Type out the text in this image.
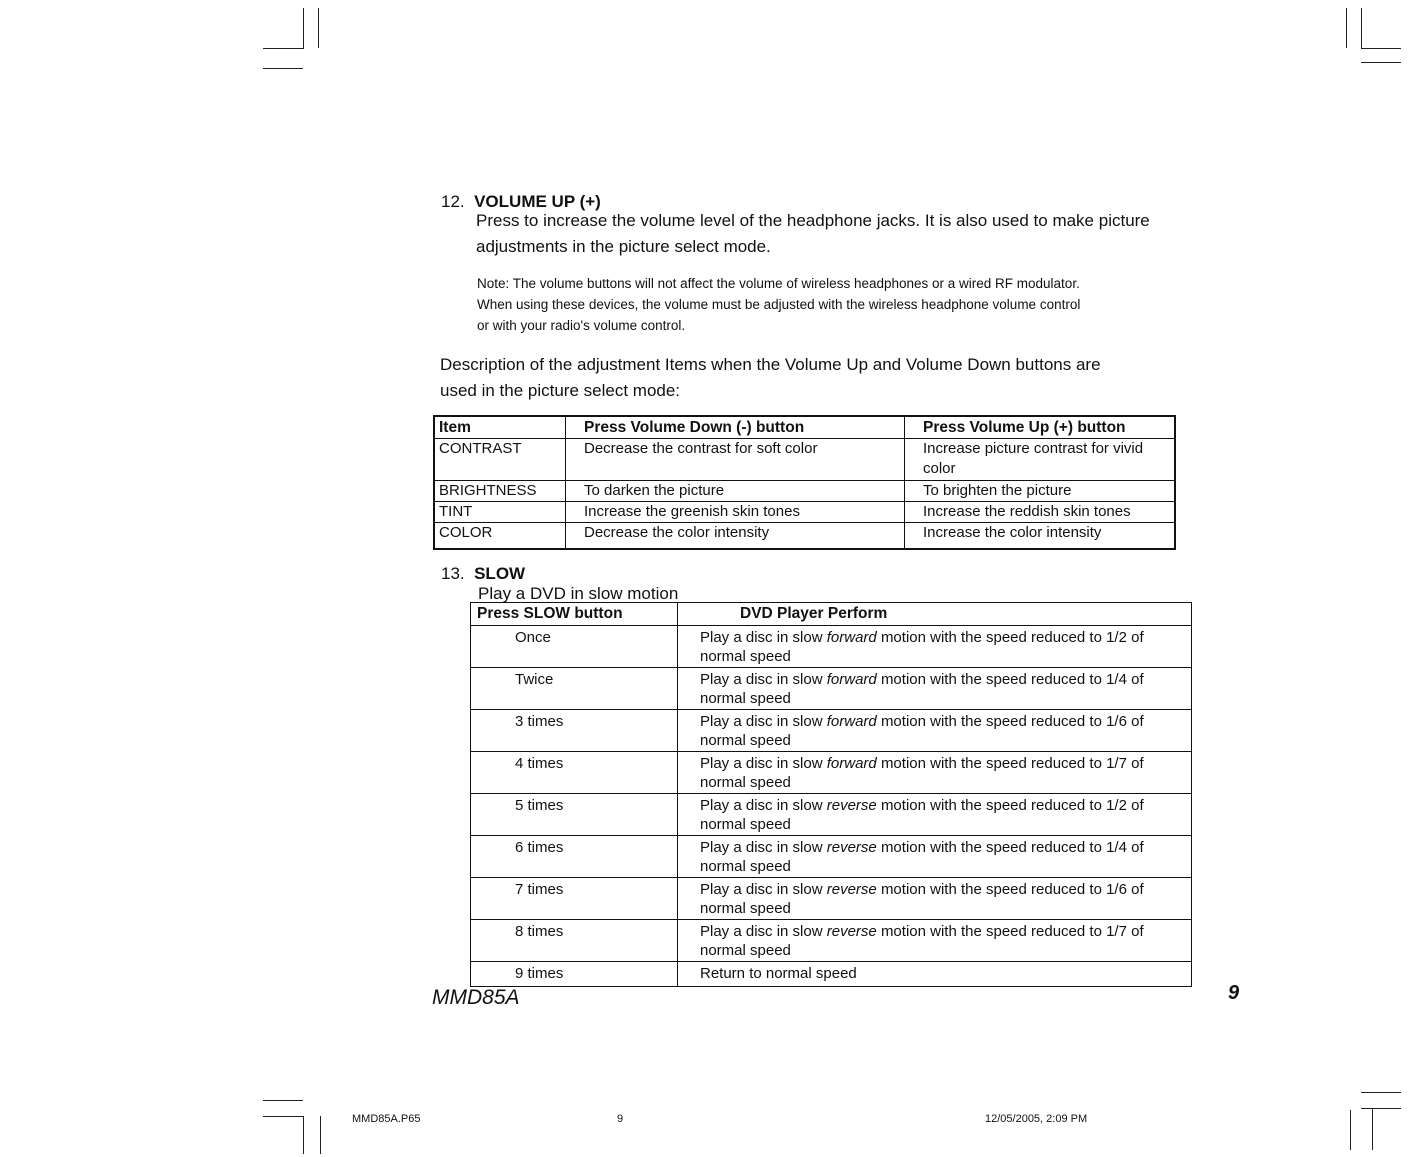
12. VOLUME UP (+)
Press to increase the volume level of the headphone jacks. It is also used to make picture
adjustments in the picture select mode.
Note: The volume buttons will not affect the volume of wireless headphones or a wired RF modulator.
When using these devices, the volume must be adjusted with the wireless headphone volume control
or with your radio's volume control.
Description of the adjustment Items when the Volume Up and Volume Down buttons are
used in the picture select mode:
Item	Press Volume Down (-) button	Press Volume Up (+) button
CONTRAST	Decrease the contrast for soft color	Increase picture contrast for vivid color
BRIGHTNESS	To darken the picture	To brighten the picture
TINT	Increase the greenish skin tones	Increase the reddish skin tones
COLOR	Decrease the color intensity	Increase the color intensity
13. SLOW
Play a DVD in slow motion
Press SLOW button	DVD Player Perform
Once	Play a disc in slow forward motion with the speed reduced to 1/2 of normal speed
Twice	Play a disc in slow forward motion with the speed reduced to 1/4 of normal speed
3 times	Play a disc in slow forward motion with the speed reduced to 1/6 of normal speed
4 times	Play a disc in slow forward motion with the speed reduced to 1/7 of normal speed
5 times	Play a disc in slow reverse motion with the speed reduced to 1/2 of normal speed
6 times	Play a disc in slow reverse motion with the speed reduced to 1/4 of normal speed
7 times	Play a disc in slow reverse motion with the speed reduced to 1/6 of normal speed
8 times	Play a disc in slow reverse motion with the speed reduced to 1/7 of normal speed
9 times	Return to normal speed
MMD85A	9
MMD85A.P65	9	12/05/2005, 2:09 PM
